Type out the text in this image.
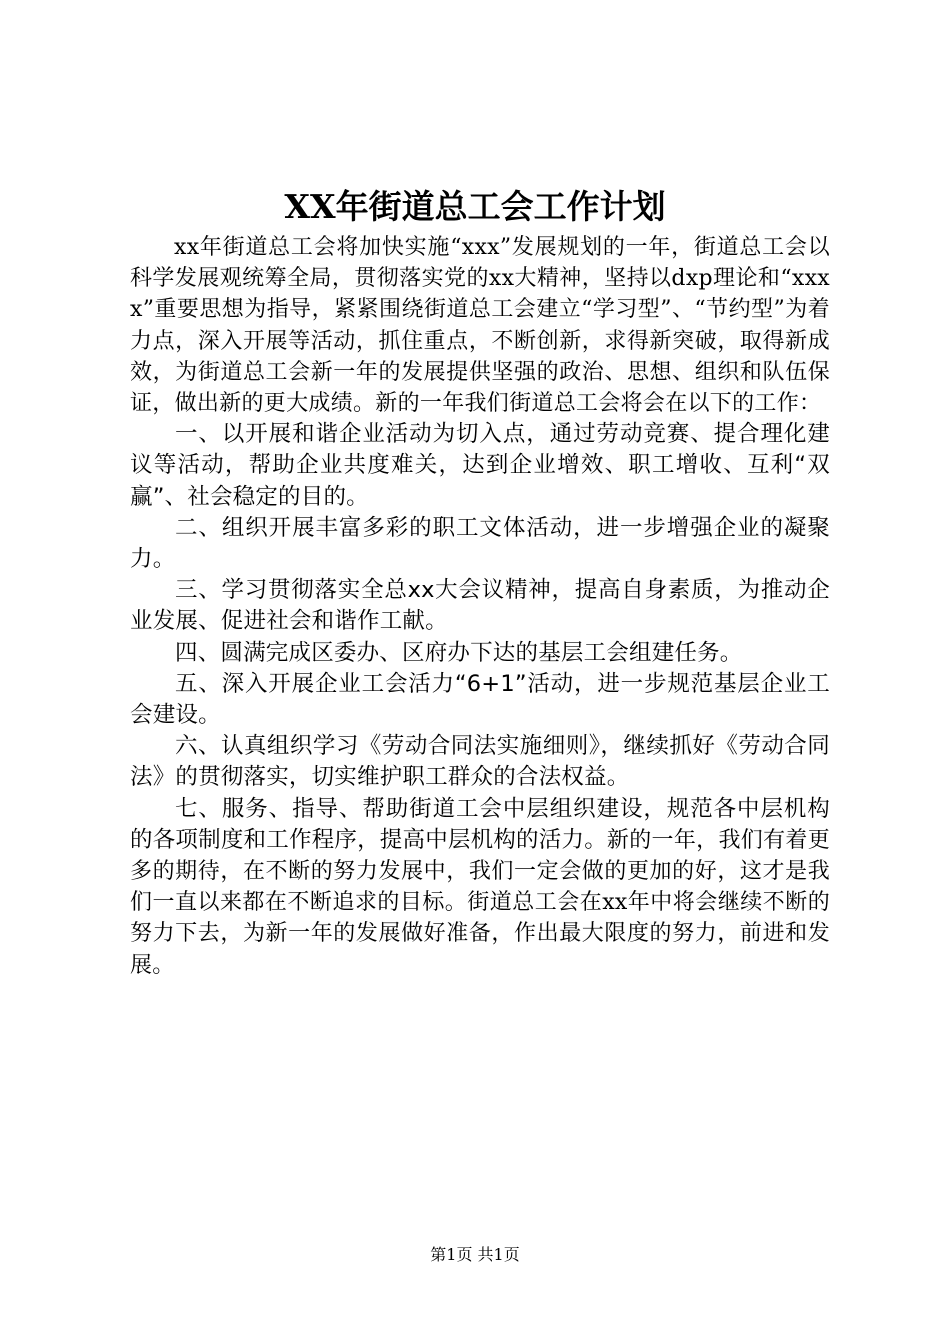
XX年街道总工会工作计划

xx年街道总工会将加快实施“xxx”发展规划的一年，街道总工会以科学发展观统筹全局，贯彻落实党的xx大精神，坚持以dxp理论和“xxxx”重要思想为指导，紧紧围绕街道总工会建立“学习型”、“节约型”为着力点，深入开展等活动，抓住重点，不断创新，求得新突破，取得新成效，为街道总工会新一年的发展提供坚强的政治、思想、组织和队伍保证，做出新的更大成绩。新的一年我们街道总工会将会在以下的工作：

一、以开展和谐企业活动为切入点，通过劳动竞赛、提合理化建议等活动，帮助企业共度难关，达到企业增效、职工增收、互利“双赢”、社会稳定的目的。

二、组织开展丰富多彩的职工文体活动，进一步增强企业的凝聚力。

三、学习贯彻落实全总xx大会议精神，提高自身素质，为推动企业发展、促进社会和谐作工献。

四、圆满完成区委办、区府办下达的基层工会组建任务。

五、深入开展企业工会活力“6+1”活动，进一步规范基层企业工会建设。

六、认真组织学习《劳动合同法实施细则》，继续抓好《劳动合同法》的贯彻落实，切实维护职工群众的合法权益。

七、服务、指导、帮助街道工会中层组织建设，规范各中层机构的各项制度和工作程序，提高中层机构的活力。新的一年，我们有着更多的期待，在不断的努力发展中，我们一定会做的更加的好，这才是我们一直以来都在不断追求的目标。街道总工会在xx年中将会继续不断的努力下去，为新一年的发展做好准备，作出最大限度的努力，前进和发展。

第1页 共1页
